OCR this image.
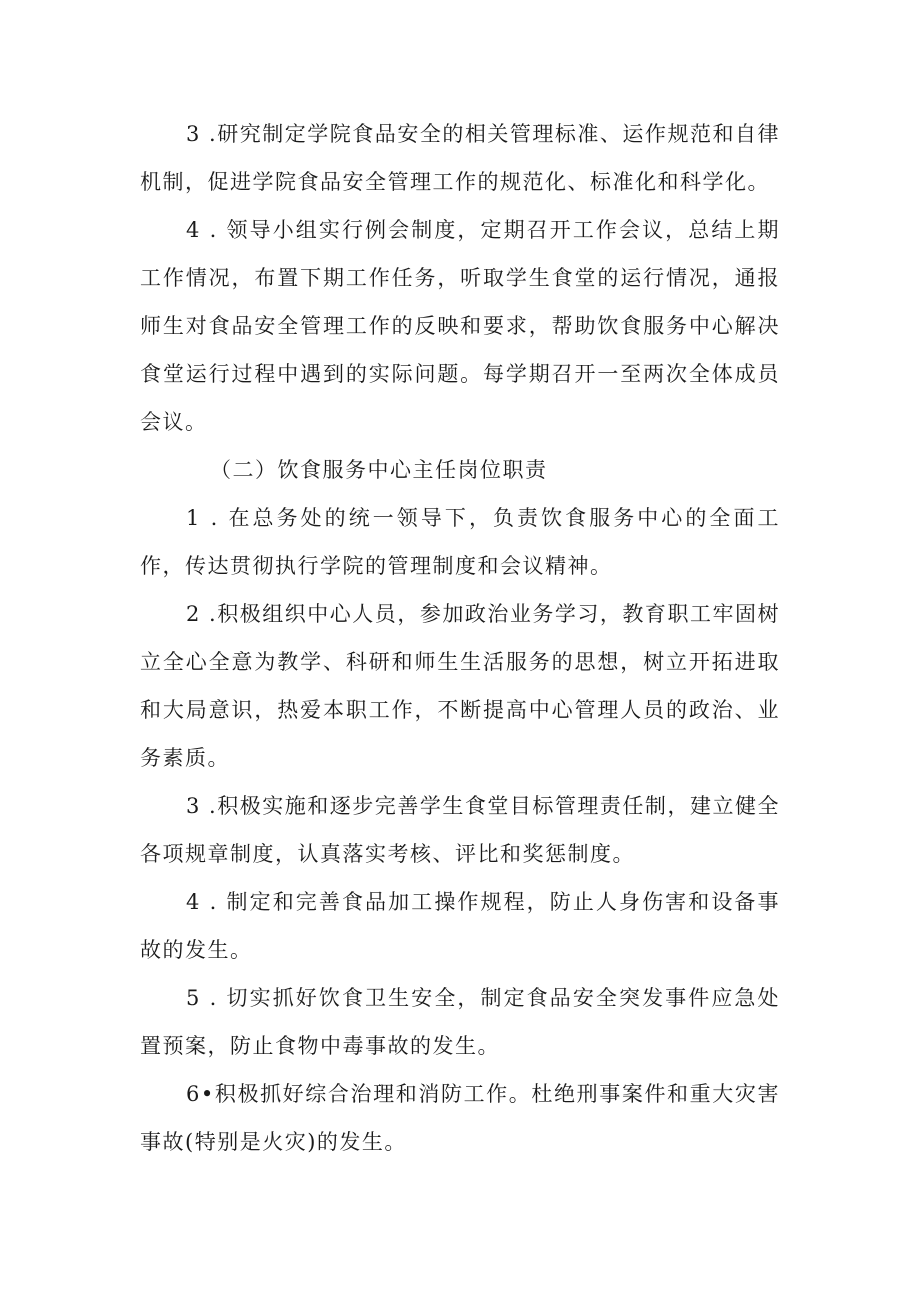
3 .研究制定学院食品安全的相关管理标准、运作规范和自律机制，促进学院食品安全管理工作的规范化、标准化和科学化。

4 . 领导小组实行例会制度，定期召开工作会议，总结上期工作情况，布置下期工作任务，听取学生食堂的运行情况，通报师生对食品安全管理工作的反映和要求，帮助饮食服务中心解决食堂运行过程中遇到的实际问题。每学期召开一至两次全体成员会议。

（二）饮食服务中心主任岗位职责

1 . 在总务处的统一领导下，负责饮食服务中心的全面工作，传达贯彻执行学院的管理制度和会议精神。

2 .积极组织中心人员，参加政治业务学习，教育职工牢固树立全心全意为教学、科研和师生生活服务的思想，树立开拓进取和大局意识，热爱本职工作，不断提高中心管理人员的政治、业务素质。

3 .积极实施和逐步完善学生食堂目标管理责任制，建立健全各项规章制度，认真落实考核、评比和奖惩制度。

4 . 制定和完善食品加工操作规程，防止人身伤害和设备事故的发生。

5 . 切实抓好饮食卫生安全，制定食品安全突发事件应急处置预案，防止食物中毒事故的发生。

6•积极抓好综合治理和消防工作。杜绝刑事案件和重大灾害事故(特别是火灾)的发生。
